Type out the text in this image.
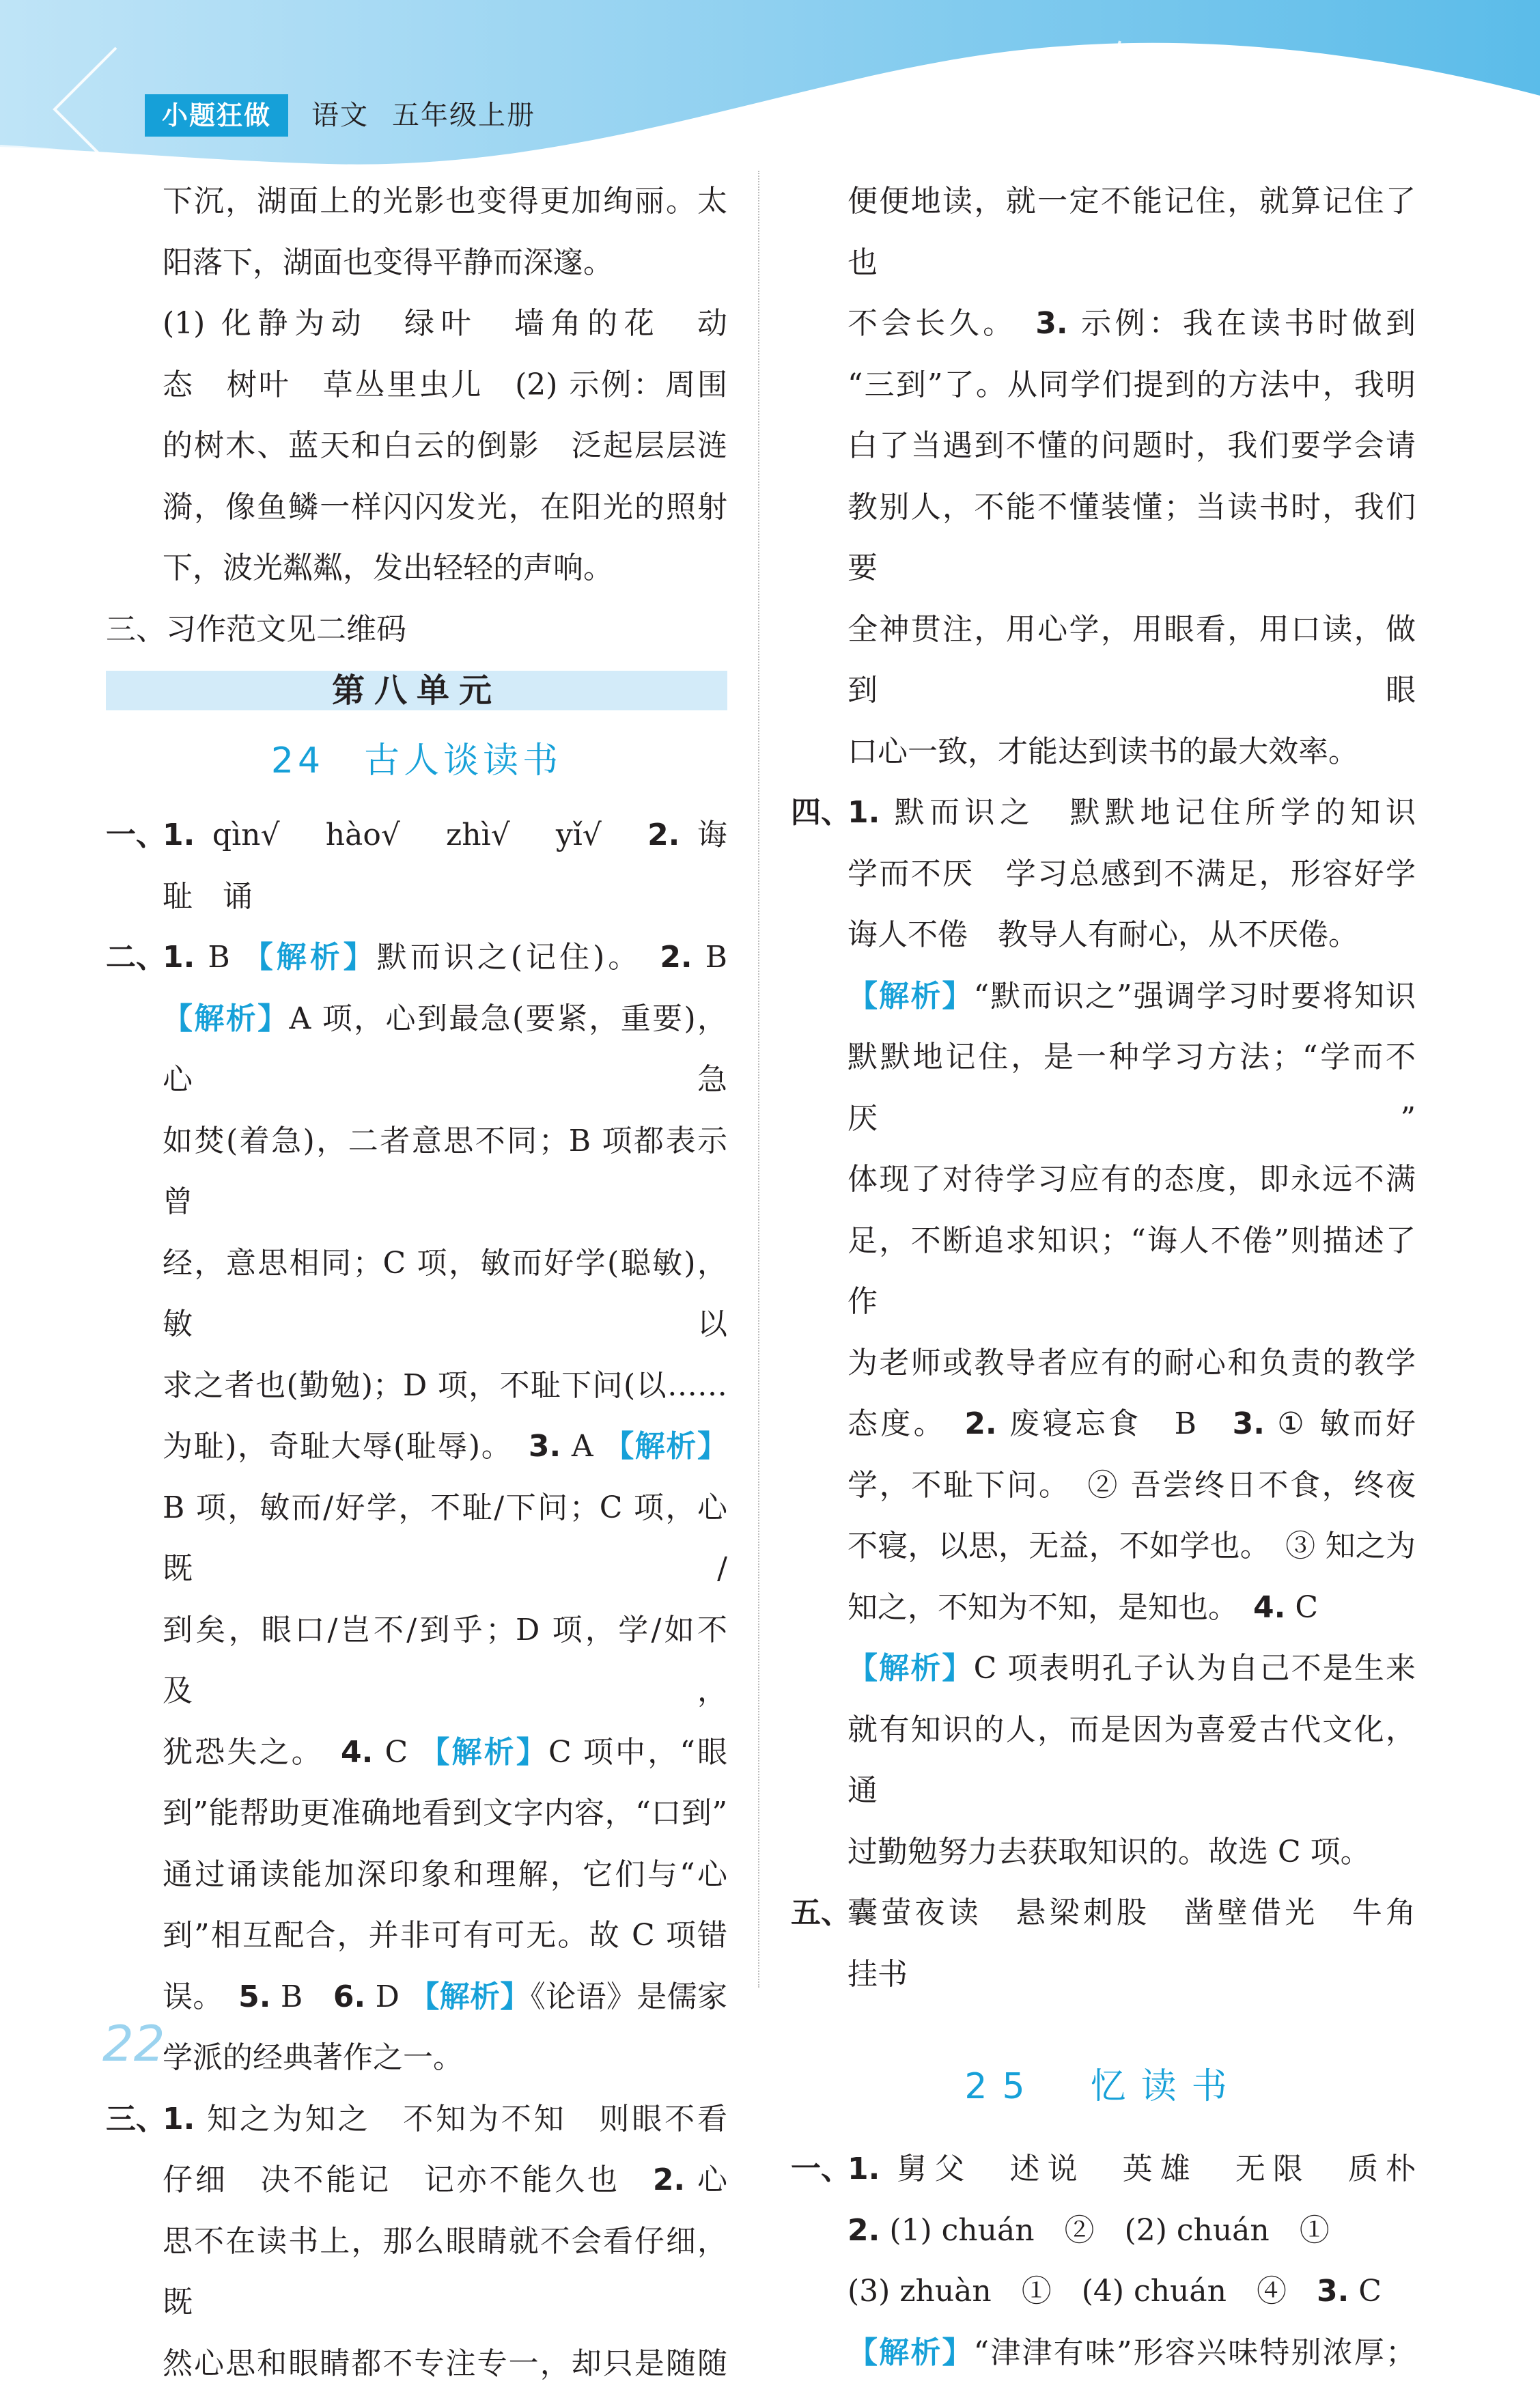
小题狂做	语文 五年级上册
下沉，湖面上的光影也变得更加绚丽。太
阳落下，湖面也变得平静而深邃。
(1) 化静为动　绿叶　墙角的花　动
态　树叶　草丛里虫儿　(2) 示例：周围
的树木、蓝天和白云的倒影　泛起层层涟
漪，像鱼鳞一样闪闪发光，在阳光的照射
下，波光粼粼，发出轻轻的声响。
三、习作范文见二维码
第八单元
24　古人谈读书
一、
1. qìn√　hào√　zhì√　yǐ√　2. 诲
耻　诵
二、
1. B 【解析】默而识之(记住)。　2. B
【解析】A 项，心到最急(要紧，重要)，心急
如焚(着急)，二者意思不同；B 项都表示曾
经，意思相同；C 项，敏而好学(聪敏)，敏以
求之者也(勤勉)；D 项，不耻下问(以……
为耻)，奇耻大辱(耻辱)。　3. A 【解析】
B 项，敏而/好学，不耻/下问；C 项，心既/
到矣，眼口/岂不/到乎；D 项，学/如不及，
犹恐失之。　4. C 【解析】C 项中，“眼
到”能帮助更准确地看到文字内容，“口到”
通过诵读能加深印象和理解，它们与“心
到”相互配合，并非可有可无。故 C 项错
误。　5. B　6. D 【解析】《论语》是儒家
学派的经典著作之一。
三、
1. 知之为知之　不知为不知　则眼不看
仔细　决不能记　记亦不能久也　2. 心
思不在读书上，那么眼睛就不会看仔细，既
然心思和眼睛都不专注专一，却只是随随
便便地读，就一定不能记住，就算记住了也
不会长久。　3. 示例：我在读书时做到
“三到”了。从同学们提到的方法中，我明
白了当遇到不懂的问题时，我们要学会请
教别人，不能不懂装懂；当读书时，我们要
全神贯注，用心学，用眼看，用口读，做到眼
口心一致，才能达到读书的最大效率。
四、
1. 默而识之　默默地记住所学的知识
学而不厌　学习总感到不满足，形容好学
诲人不倦　教导人有耐心，从不厌倦。
【解析】“默而识之”强调学习时要将知识
默默地记住，是一种学习方法；“学而不厌”
体现了对待学习应有的态度，即永远不满
足，不断追求知识；“诲人不倦”则描述了作
为老师或教导者应有的耐心和负责的教学
态度。　2. 废寝忘食　B　3. ① 敏而好
学，不耻下问。　② 吾尝终日不食，终夜
不寝，以思，无益，不如学也。　③ 知之为
知之，不知为不知，是知也。　4. C
【解析】C 项表明孔子认为自己不是生来
就有知识的人，而是因为喜爱古代文化，通
过勤勉努力去获取知识的。故选 C 项。
五、
囊萤夜读　悬梁刺股　凿壁借光　牛角
挂书
25　忆读书
一、
1. 舅父　述说　英雄　无限　质朴
2. (1) chuán　②　(2) chuán　①
(3) zhuàn　①　(4) chuán　④　3. C
【解析】“津津有味”形容兴味特别浓厚；
22
